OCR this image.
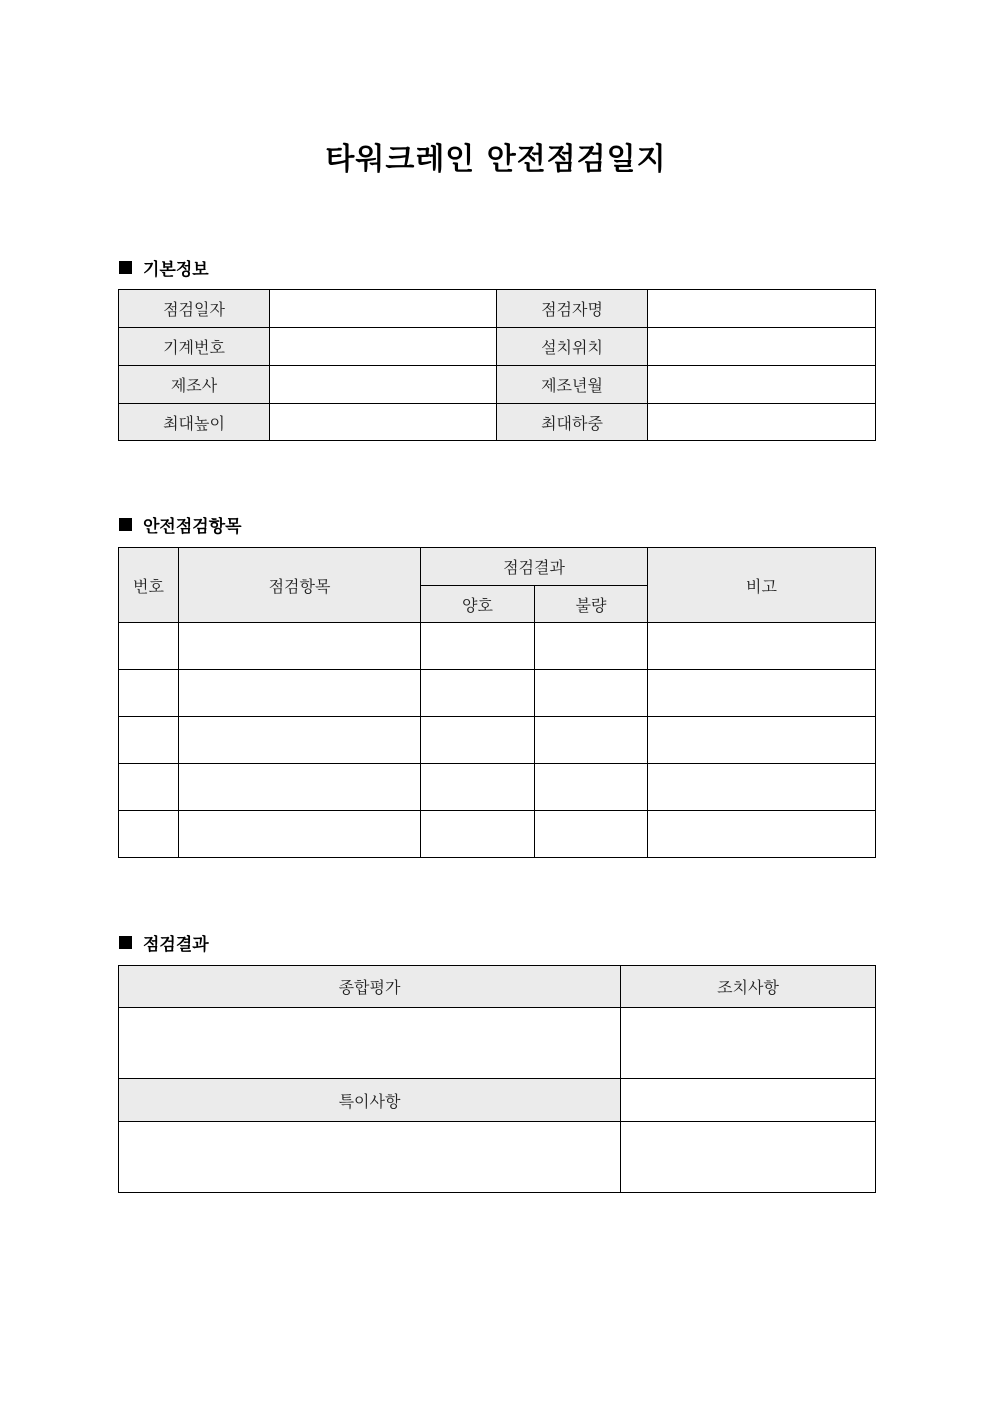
타워크레인 안전점검일지
기본정보
점검일자		점검자명	
기계번호		설치위치	
제조사		제조년월	
최대높이		최대하중	
안전점검항목
번호	점검항목	점검결과		비고
		양호	불량	

점검결과
종합평가	조치사항

특이사항	
